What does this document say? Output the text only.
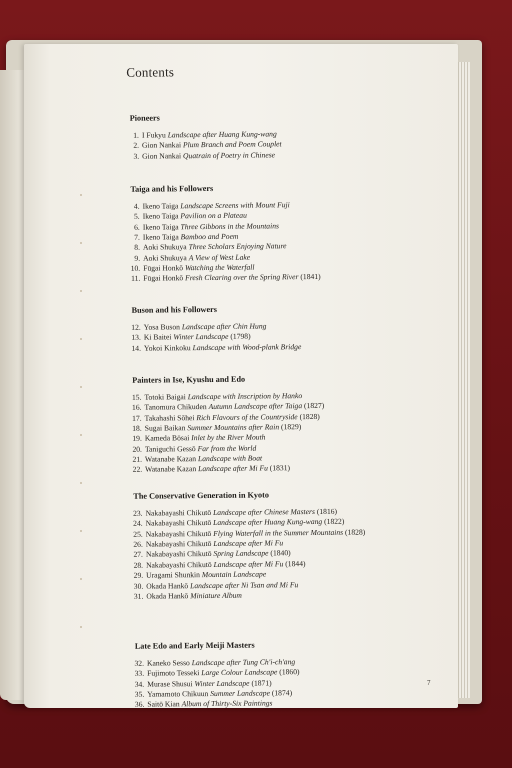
Contents
Pioneers
1. I Fukyu Landscape after Huang Kung-wang
2. Gion Nankai Plum Branch and Poem Couplet
3. Gion Nankai Quatrain of Poetry in Chinese
Taiga and his Followers
4. Ikeno Taiga Landscape Screens with Mount Fuji
5. Ikeno Taiga Pavilion on a Plateau
6. Ikeno Taiga Three Gibbons in the Mountains
7. Ikeno Taiga Bamboo and Poem
8. Aoki Shukuya Three Scholars Enjoying Nature
9. Aoki Shukuya A View of West Lake
10. Fūgai Honkō Watching the Waterfall
11. Fūgai Honkō Fresh Clearing over the Spring River (1841)
Buson and his Followers
12. Yosa Buson Landscape after Chin Hung
13. Ki Baitei Winter Landscape (1798)
14. Yokoi Kinkoku Landscape with Wood-plank Bridge
Painters in Ise, Kyushu and Edo
15. Totoki Baigai Landscape with Inscription by Hanko
16. Tanomura Chikuden Autumn Landscape after Taiga (1827)
17. Takahashi Sōhei Rich Flavours of the Countryside (1828)
18. Sugai Baikan Summer Mountains after Rain (1829)
19. Kameda Bōsai Inlet by the River Mouth
20. Taniguchi Gessō Far from the World
21. Watanabe Kazan Landscape with Boat
22. Watanabe Kazan Landscape after Mi Fu (1831)
The Conservative Generation in Kyoto
23. Nakabayashi Chikutō Landscape after Chinese Masters (1816)
24. Nakabayashi Chikutō Landscape after Huang Kung-wang (1822)
25. Nakabayashi Chikutō Flying Waterfall in the Summer Mountains (1828)
26. Nakabayashi Chikutō Landscape after Mi Fu
27. Nakabayashi Chikutō Spring Landscape (1840)
28. Nakabayashi Chikutō Landscape after Mi Fu (1844)
29. Uragami Shunkin Mountain Landscape
30. Okada Hankō Landscape after Ni Tsan and Mi Fu
31. Okada Hankō Miniature Album
Late Edo and Early Meiji Masters
32. Kaneko Sesso Landscape after Tung Ch'i-ch'ang
33. Fujimoto Tesseki Large Colour Landscape (1860)
34. Murase Shusui Winter Landscape (1871)
35. Yamamoto Chikuun Summer Landscape (1874)
36. Saitō Kian Album of Thirty-Six Paintings
7
